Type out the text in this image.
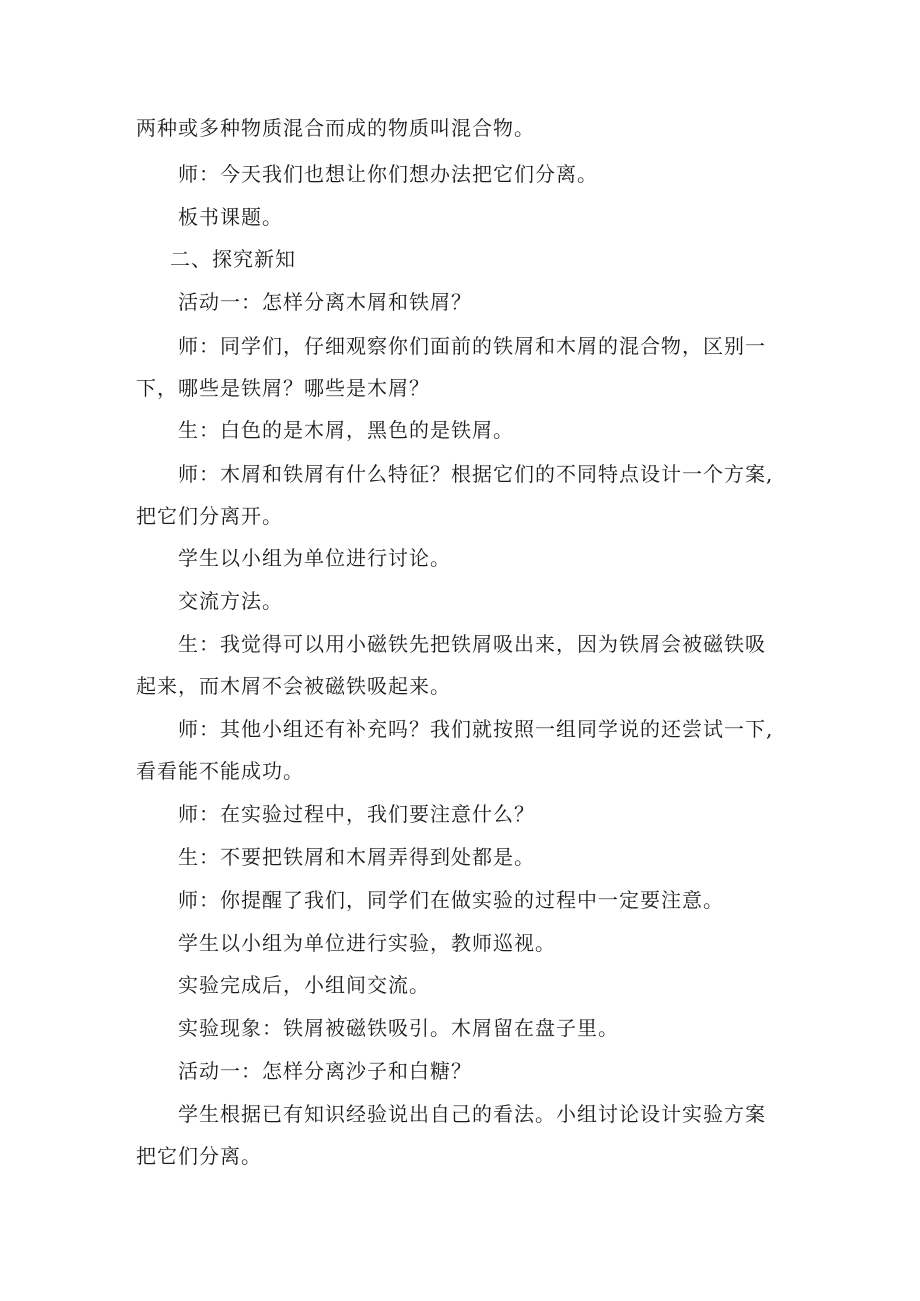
两种或多种物质混合而成的物质叫混合物。

师：今天我们也想让你们想办法把它们分离。

板书课题。

二、探究新知

活动一：怎样分离木屑和铁屑？

师：同学们，仔细观察你们面前的铁屑和木屑的混合物，区别一下，哪些是铁屑？哪些是木屑？

生：白色的是木屑，黑色的是铁屑。

师：木屑和铁屑有什么特征？根据它们的不同特点设计一个方案,把它们分离开。

学生以小组为单位进行讨论。

交流方法。

生：我觉得可以用小磁铁先把铁屑吸出来，因为铁屑会被磁铁吸起来，而木屑不会被磁铁吸起来。

师：其他小组还有补充吗？我们就按照一组同学说的还尝试一下,看看能不能成功。

师：在实验过程中，我们要注意什么？

生：不要把铁屑和木屑弄得到处都是。

师：你提醒了我们，同学们在做实验的过程中一定要注意。

学生以小组为单位进行实验，教师巡视。

实验完成后，小组间交流。

实验现象：铁屑被磁铁吸引。木屑留在盘子里。

活动一：怎样分离沙子和白糖？

学生根据已有知识经验说出自己的看法。小组讨论设计实验方案把它们分离。
